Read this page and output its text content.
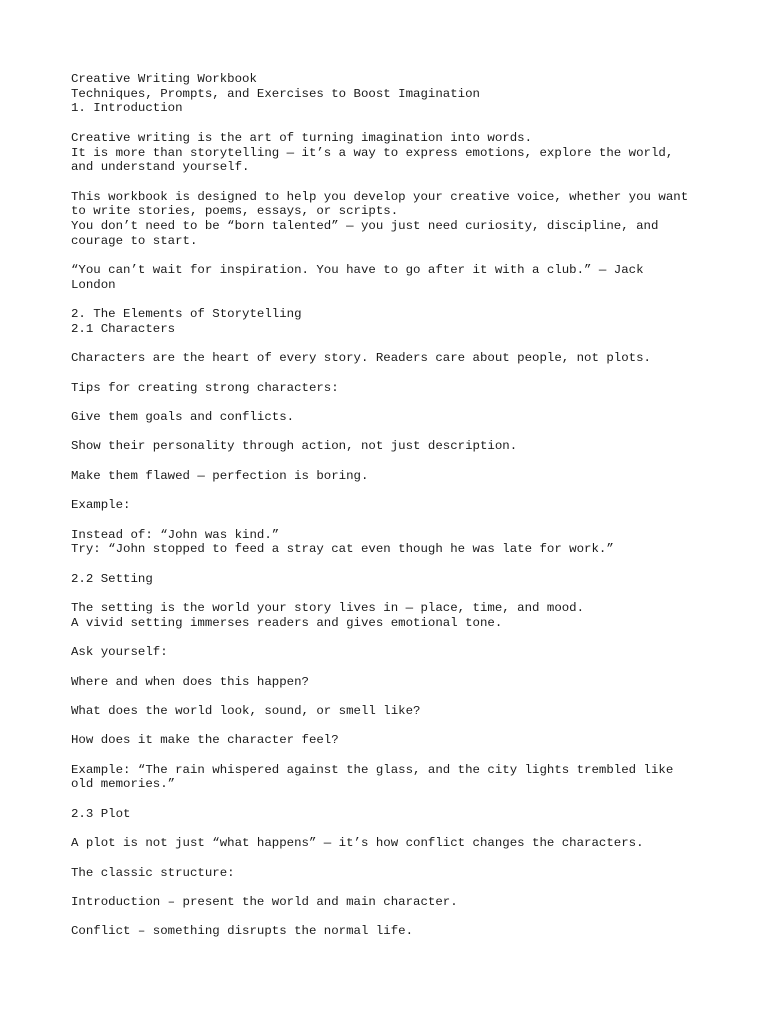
Creative Writing Workbook
Techniques, Prompts, and Exercises to Boost Imagination
1. Introduction
Creative writing is the art of turning imagination into words.
It is more than storytelling — it’s a way to express emotions, explore the world,
and understand yourself.
This workbook is designed to help you develop your creative voice, whether you want
to write stories, poems, essays, or scripts.
You don’t need to be “born talented” — you just need curiosity, discipline, and
courage to start.
“You can’t wait for inspiration. You have to go after it with a club.” — Jack
London
2. The Elements of Storytelling
2.1 Characters
Characters are the heart of every story. Readers care about people, not plots.
Tips for creating strong characters:
Give them goals and conflicts.
Show their personality through action, not just description.
Make them flawed — perfection is boring.
Example:
Instead of: “John was kind.”
Try: “John stopped to feed a stray cat even though he was late for work.”
2.2 Setting
The setting is the world your story lives in — place, time, and mood.
A vivid setting immerses readers and gives emotional tone.
Ask yourself:
Where and when does this happen?
What does the world look, sound, or smell like?
How does it make the character feel?
Example: “The rain whispered against the glass, and the city lights trembled like
old memories.”
2.3 Plot
A plot is not just “what happens” — it’s how conflict changes the characters.
The classic structure:
Introduction – present the world and main character.
Conflict – something disrupts the normal life.
